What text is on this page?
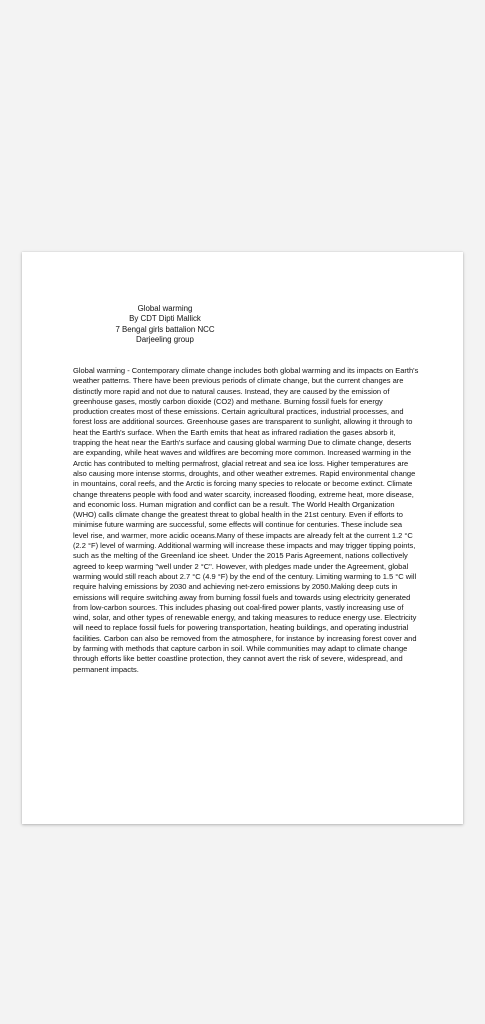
Global warming
By CDT Dipti Mallick
7 Bengal girls battalion NCC
Darjeeling group

Global warming - Contemporary climate change includes both global warming and its impacts on Earth's weather patterns. There have been previous periods of climate change, but the current changes are distinctly more rapid and not due to natural causes. Instead, they are caused by the emission of greenhouse gases, mostly carbon dioxide (CO2) and methane. Burning fossil fuels for energy production creates most of these emissions. Certain agricultural practices, industrial processes, and forest loss are additional sources. Greenhouse gases are transparent to sunlight, allowing it through to heat the Earth's surface. When the Earth emits that heat as infrared radiation the gases absorb it, trapping the heat near the Earth's surface and causing global warming Due to climate change, deserts are expanding, while heat waves and wildfires are becoming more common. Increased warming in the Arctic has contributed to melting permafrost, glacial retreat and sea ice loss. Higher temperatures are also causing more intense storms, droughts, and other weather extremes. Rapid environmental change in mountains, coral reefs, and the Arctic is forcing many species to relocate or become extinct. Climate change threatens people with food and water scarcity, increased flooding, extreme heat, more disease, and economic loss. Human migration and conflict can be a result. The World Health Organization (WHO) calls climate change the greatest threat to global health in the 21st century. Even if efforts to minimise future warming are successful, some effects will continue for centuries. These include sea level rise, and warmer, more acidic oceans.Many of these impacts are already felt at the current 1.2 °C (2.2 °F) level of warming. Additional warming will increase these impacts and may trigger tipping points, such as the melting of the Greenland ice sheet. Under the 2015 Paris Agreement, nations collectively agreed to keep warming "well under 2 °C". However, with pledges made under the Agreement, global warming would still reach about 2.7 °C (4.9 °F) by the end of the century. Limiting warming to 1.5 °C will require halving emissions by 2030 and achieving net-zero emissions by 2050.Making deep cuts in emissions will require switching away from burning fossil fuels and towards using electricity generated from low-carbon sources. This includes phasing out coal-fired power plants, vastly increasing use of wind, solar, and other types of renewable energy, and taking measures to reduce energy use. Electricity will need to replace fossil fuels for powering transportation, heating buildings, and operating industrial facilities. Carbon can also be removed from the atmosphere, for instance by increasing forest cover and by farming with methods that capture carbon in soil. While communities may adapt to climate change through efforts like better coastline protection, they cannot avert the risk of severe, widespread, and permanent impacts.
